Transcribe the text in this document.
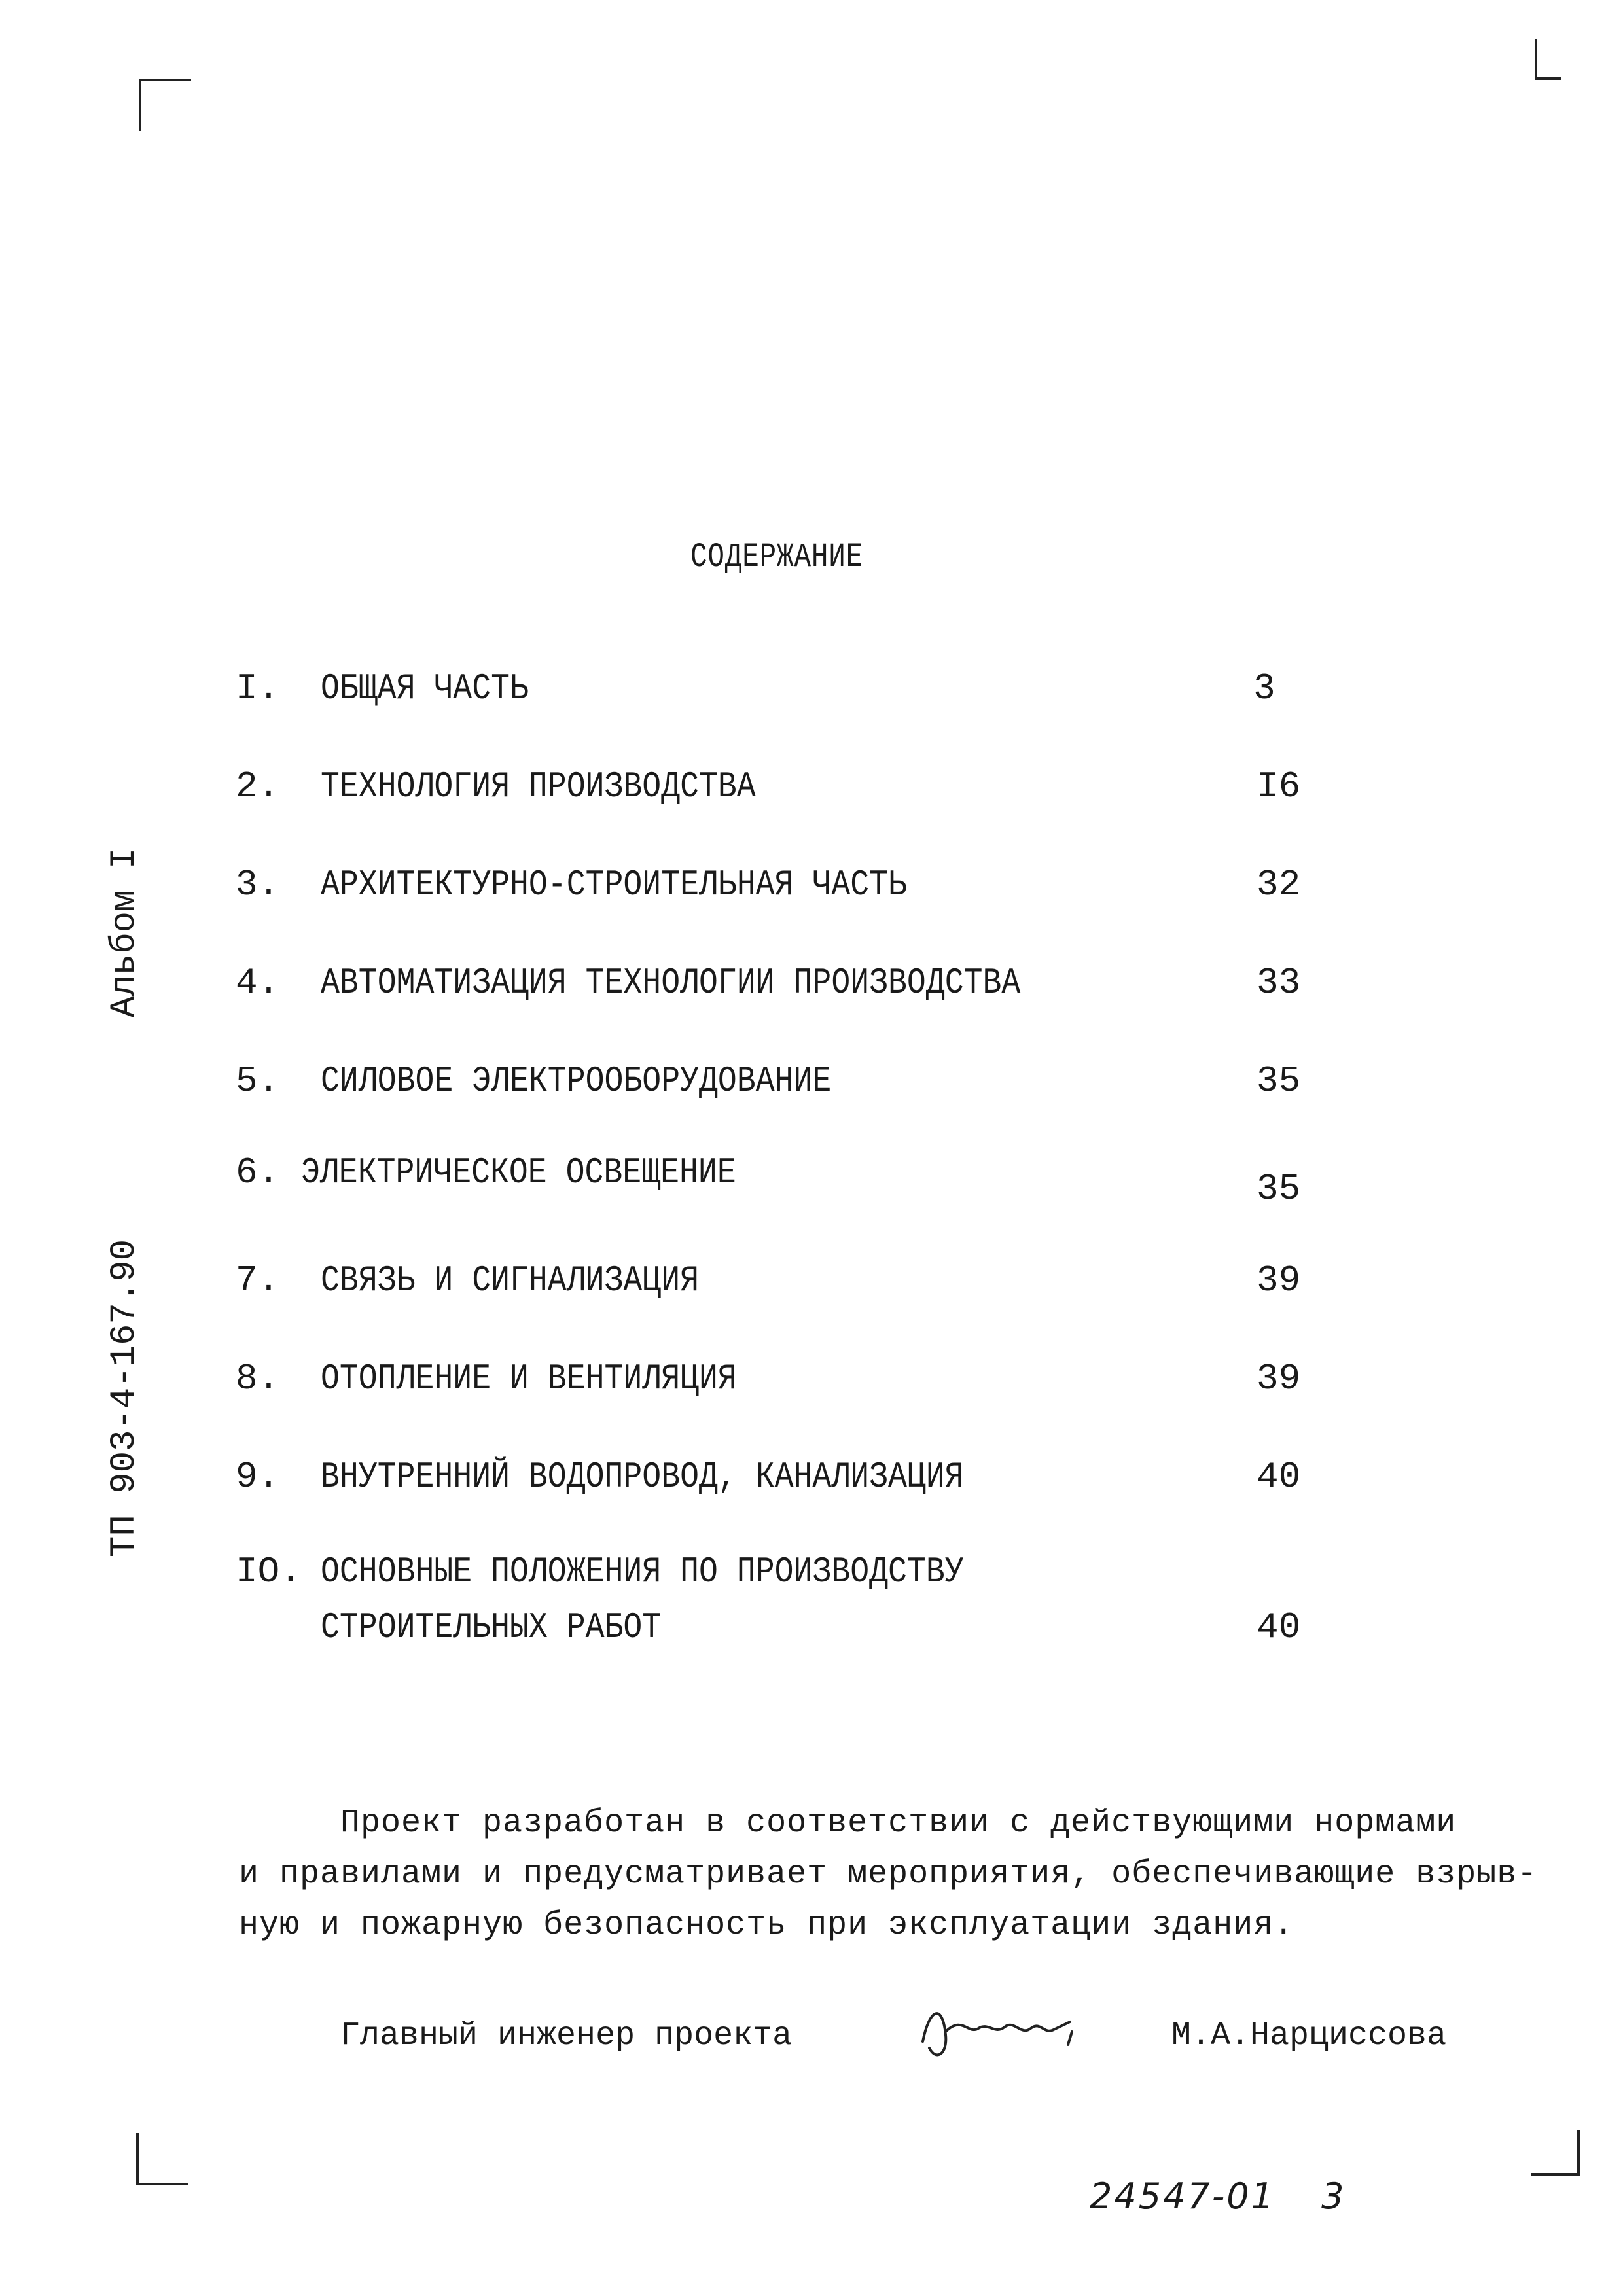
СОДЕРЖАНИЕ
I. ОБЩАЯ ЧАСТЬ	3
2. ТЕХНОЛОГИЯ ПРОИЗВОДСТВА	I6
3. АРХИТЕКТУРНО-СТРОИТЕЛЬНАЯ ЧАСТЬ	32
4. АВТОМАТИЗАЦИЯ ТЕХНОЛОГИИ ПРОИЗВОДСТВА	33
5. СИЛОВОЕ ЭЛЕКТРООБОРУДОВАНИЕ	35
6. ЭЛЕКТРИЧЕСКОЕ ОСВЕЩЕНИЕ	35
7. СВЯЗЬ И СИГНАЛИЗАЦИЯ	39
8. ОТОПЛЕНИЕ И ВЕНТИЛЯЦИЯ	39
9. ВНУТРЕННИЙ ВОДОПРОВОД, КАНАЛИЗАЦИЯ	40
IO. ОСНОВНЫЕ ПОЛОЖЕНИЯ ПО ПРОИЗВОДСТВУ
СТРОИТЕЛЬНЫХ РАБОТ	40
Альбом I
ТП 903-4-167.90
Проект разработан в соответствии с действующими нормами
и правилами и предусматривает мероприятия, обеспечивающие взрыв-
ную и пожарную безопасность при эксплуатации здания.
Главный инженер проекта	М.А.Нарциссова
24547-01 3
